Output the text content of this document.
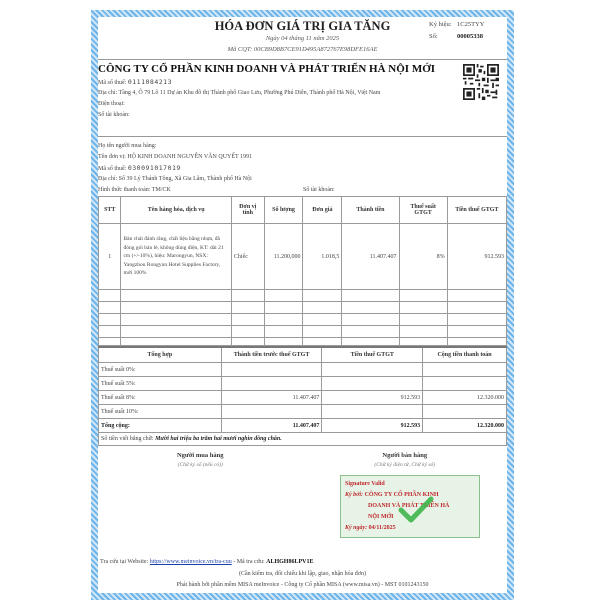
HÓA ĐƠN GIÁ TRỊ GIA TĂNG
Ngày 04 tháng 11 năm 2025
Mã CQT: 00CB9D8B7CE91D495A872767E98DFE16AE
Ký hiệu: 1C25TYY
Số:	00005338
CÔNG TY CỔ PHẦN KINH DOANH VÀ PHÁT TRIỂN HÀ NỘI MỚI
Mã số thuế: 0111084213
Địa chỉ: Tầng 4, Ô 79 Lô 11 Dự án Khu đô thị Thành phố Giao Lưu, Phường Phú Diễn, Thành phố Hà Nội, Việt Nam
Điện thoại:
Số tài khoản:
Họ tên người mua hàng:
Tên đơn vị: HỘ KINH DOANH NGUYỄN VĂN QUYẾT 1991
Mã số thuế: 030091017019
Địa chỉ: Số 39 Lý Thánh Tông, Xã Gia Lâm, Thành phố Hà Nội
Hình thức thanh toán: TM/CK	Số tài khoản:
STT	Tên hàng hóa, dịch vụ	Đơn vị tính	Số lượng	Đơn giá	Thành tiền	Thuế suất GTGT	Tiền thuế GTGT
1	Bàn chải đánh răng, chất liệu bằng nhựa, đã đóng gói bán lẻ, không dùng điện, KT: dài 21 cm (+/-10%), hiệu: Marongyun, NSX: Yangzhou Rongyun Hotel Supplies Factory, mới 100%	Chiếc	11.200,000	1.018,5	11.407.407	8%	912.593

Tổng hợp	Thành tiền trước thuế GTGT	Tiền thuế GTGT	Cộng tiền thanh toán
Thuế suất 0%:			
Thuế suất 5%:			
Thuế suất 8%:	11.407.407	912.593	12.320.000
Thuế suất 10%:			
Tổng cộng:	11.407.407	912.593	12.320.000
Số tiền viết bằng chữ: Mười hai triệu ba trăm hai mươi nghìn đồng chẵn.
Người mua hàng
(Chữ ký số (nếu có))
Người bán hàng
(Chữ ký điện tử, Chữ ký số)
Signature Valid
Ký bởi: CÔNG TY CỔ PHẦN KINH
DOANH VÀ PHÁT TRIỂN HÀ
NỘI MỚI
Ký ngày: 04/11/2025
Tra cứu tại Website: https://www.meinvoice.vn/tra-cuu - Mã tra cứu: ALHGH86LPV1E
(Cần kiểm tra, đối chiếu khi lập, giao, nhận hóa đơn)
Phát hành bởi phần mềm MISA meInvoice - Công ty Cổ phần MISA (www.misa.vn) - MST 0101243150
